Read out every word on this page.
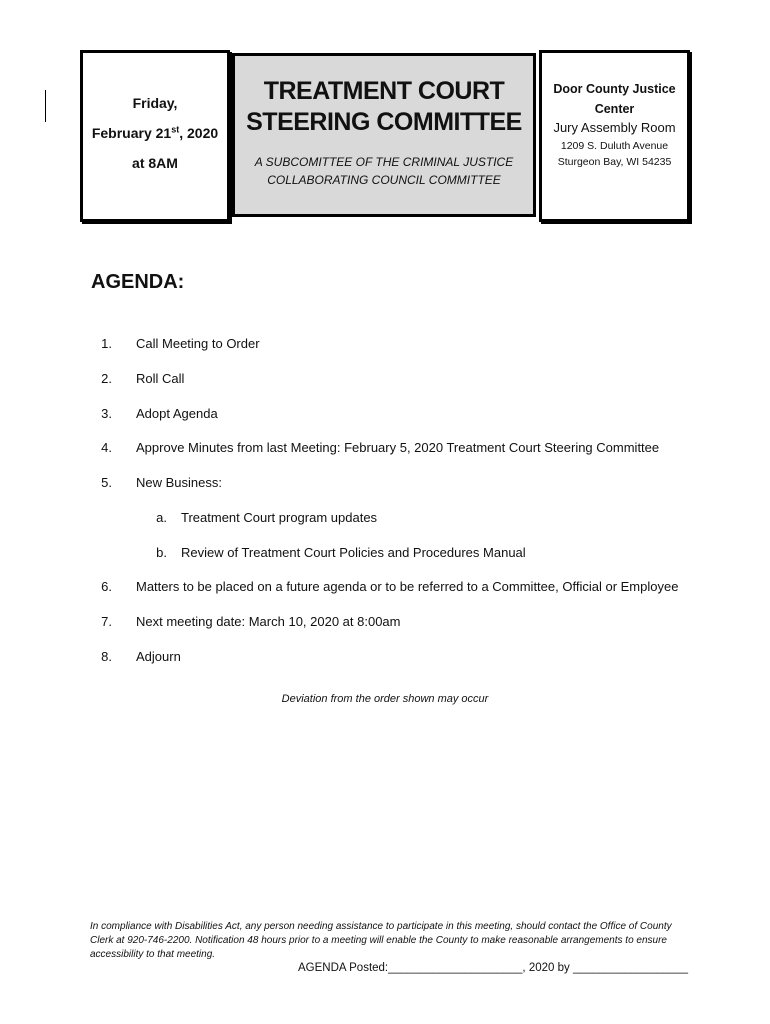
Friday,
February 21st, 2020
at 8AM
TREATMENT COURT
STEERING COMMITTEE
A SUBCOMITTEE OF THE CRIMINAL JUSTICE
COLLABORATING COUNCIL COMMITTEE
Door County Justice
Center
Jury Assembly Room
1209 S. Duluth Avenue
Sturgeon Bay, WI 54235
AGENDA:
1. Call Meeting to Order
2. Roll Call
3. Adopt Agenda
4. Approve Minutes from last Meeting: February 5, 2020 Treatment Court Steering Committee
5. New Business:
a. Treatment Court program updates
b. Review of Treatment Court Policies and Procedures Manual
6. Matters to be placed on a future agenda or to be referred to a Committee, Official or Employee
7. Next meeting date: March 10, 2020 at 8:00am
8. Adjourn
Deviation from the order shown may occur
In compliance with Disabilities Act, any person needing assistance to participate in this meeting, should contact the Office of County Clerk at 920-746-2200. Notification 48 hours prior to a meeting will enable the County to make reasonable arrangements to ensure accessibility to that meeting.
AGENDA Posted:_____________________, 2020 by __________________
